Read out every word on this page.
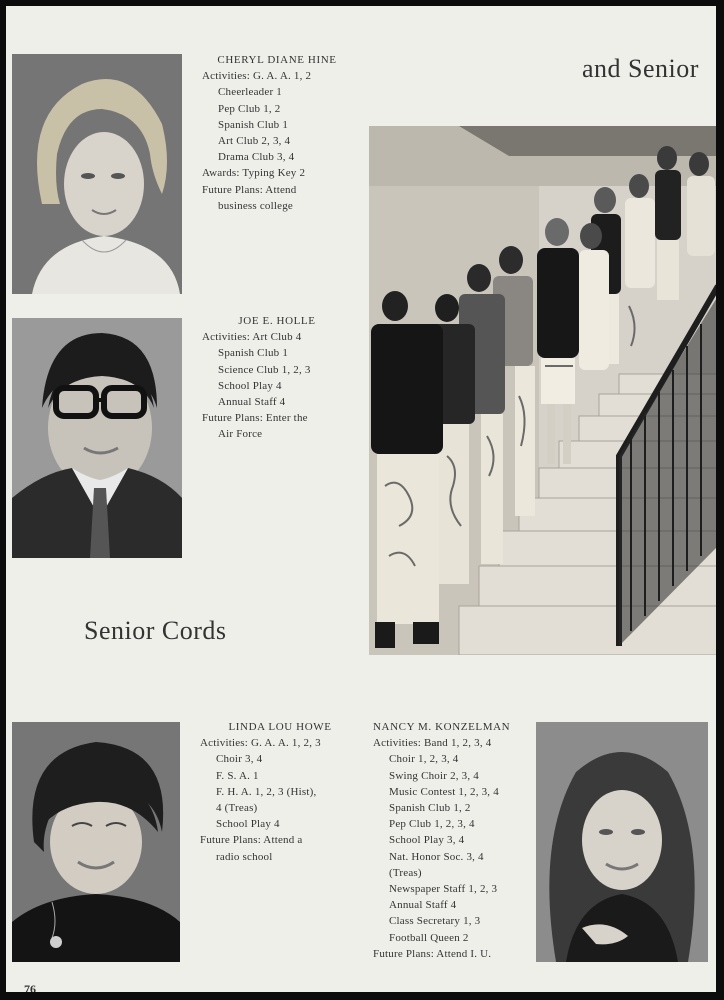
CHERYL DIANE HINE
Activities: G. A. A. 1, 2
Cheerleader 1
Pep Club 1, 2
Spanish Club 1
Art Club 2, 3, 4
Drama Club 3, 4
Awards: Typing Key 2
Future Plans: Attend
business college
JOE E. HOLLE
Activities: Art Club 4
Spanish Club 1
Science Club 1, 2, 3
School Play 4
Annual Staff 4
Future Plans: Enter the
Air Force
and Senior
Senior Cords
LINDA LOU HOWE
Activities: G. A. A. 1, 2, 3
Choir 3, 4
F. S. A. 1
F. H. A. 1, 2, 3 (Hist),
4 (Treas)
School Play 4
Future Plans: Attend a
radio school
NANCY M. KONZELMAN
Activities: Band 1, 2, 3, 4
Choir 1, 2, 3, 4
Swing Choir 2, 3, 4
Music Contest 1, 2, 3, 4
Spanish Club 1, 2
Pep Club 1, 2, 3, 4
School Play 3, 4
Nat. Honor Soc. 3, 4
(Treas)
Newspaper Staff 1, 2, 3
Annual Staff 4
Class Secretary 1, 3
Football Queen 2
Future Plans: Attend I. U.
76
